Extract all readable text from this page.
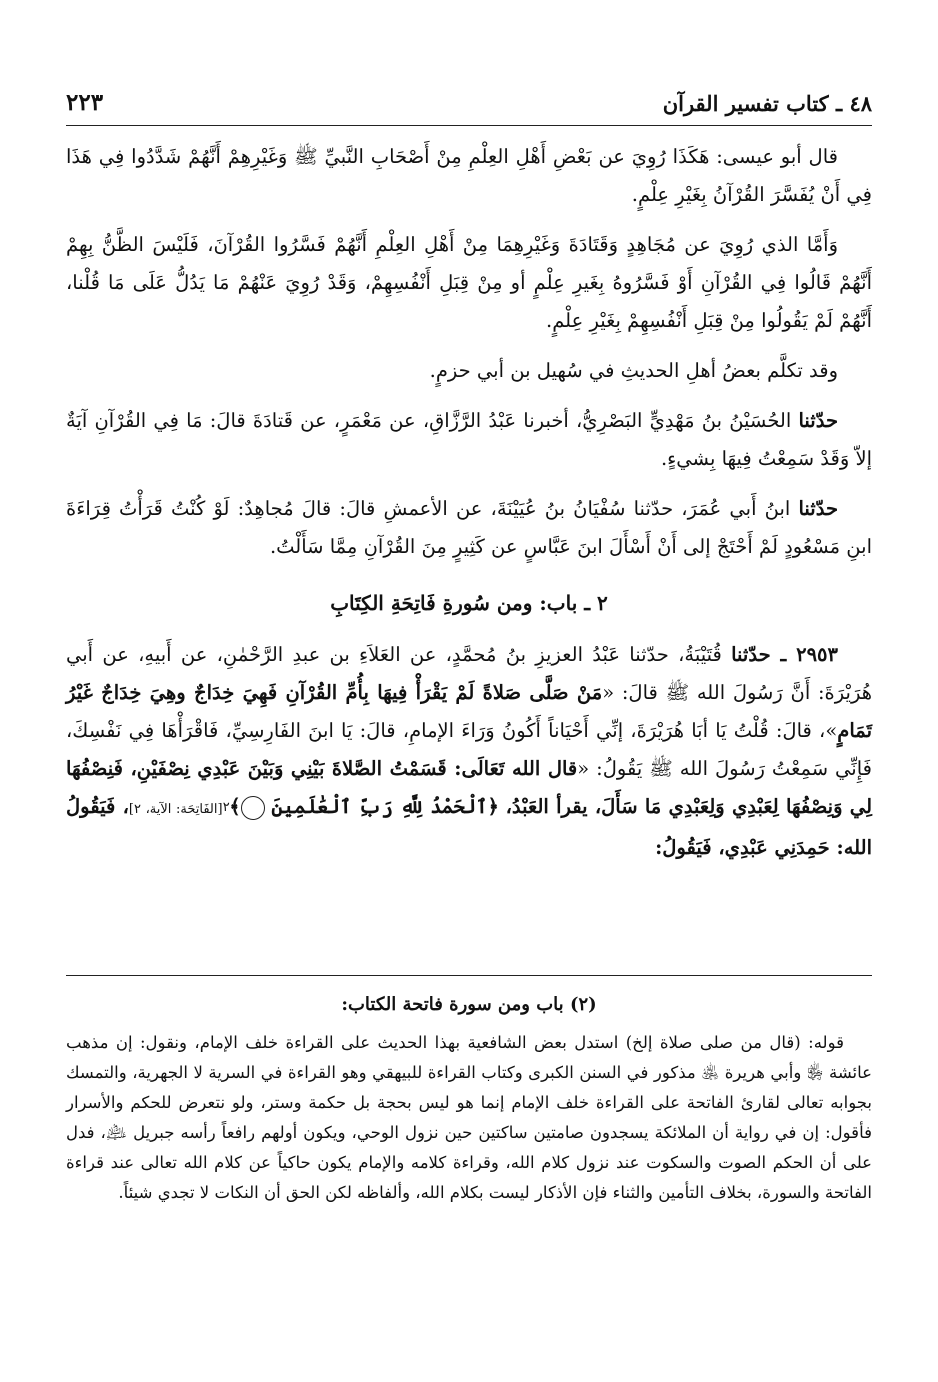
٤٨ ـ كتاب تفسير القرآن
٢٢٣

قال أبو عيسى: هَكَذَا رُوِيَ عن بَعْضِ أَهْلِ العِلْمِ مِنْ أَصْحَابِ النَّبيِّ ﷺ وَغَيْرِهِمْ أَنَّهُمْ شَدَّدُوا فِي هَذَا فِي أَنْ يُفَسَّرَ القُرْآنُ بِغَيْرِ عِلْمٍ.

وَأَمَّا الذي رُوِيَ عن مُجَاهِدٍ وَقَتَادَةَ وَغَيْرِهِمَا مِنْ أَهْلِ العِلْمِ أَنَّهُمْ فَسَّرُوا القُرْآنَ، فَلَيْسَ الظَّنُّ بِهِمْ أَنَّهُمْ قَالُوا فِي القُرْآنِ أَوْ فَسَّرُوهُ بِغَيرِ عِلْمٍ أو مِنْ قِبَلِ أَنْفُسِهِمْ، وَقَدْ رُوِيَ عَنْهُمْ مَا يَدُلُّ عَلَى مَا قُلْنا، أَنَّهُمْ لَمْ يَقُولُوا مِنْ قِبَلِ أَنْفُسِهِمْ بِغَيْرِ عِلْمٍ.

وقد تكلَّم بعضُ أهلِ الحديثِ في سُهيل بن أبي حزمٍ.

حدّثنا الحُسَيْنُ بنُ مَهْدِيٍّ البَصْرِيُّ، أخبرنا عَبْدُ الرَّزَّاقِ، عن مَعْمَرٍ، عن قَتادَةَ قالَ: مَا فِي القُرْآنِ آيَةٌ إلاّ وَقَدْ سَمِعْتُ فِيهَا بِشيءٍ.

حدّثنا ابنُ أَبي عُمَرَ، حدّثنا سُفْيَانُ بنُ عُيَيْنَةَ، عن الأعمشِ قالَ: قالَ مُجاهِدٌ: لَوْ كُنْتُ قَرَأْتُ قِرَاءَةَ ابنِ مَسْعُودٍ لَمْ أَحْتَجْ إلى أَنْ أَسْأَلَ ابنَ عَبَّاسٍ عن كَثِيرٍ مِنَ القُرْآنِ مِمَّا سَأَلْتُ.

٢ ـ باب: ومن سُورةِ فَاتِحَةِ الكِتَابِ

٢٩٥٣ ـ حدّثنا قُتَيْبَةُ، حدّثنا عَبْدُ العزيزِ بنُ مُحمَّدٍ، عن العَلاَءِ بن عبدِ الرَّحْمٰنِ، عن أَبيهِ، عن أَبي هُرَيْرَةَ: أَنَّ رَسُولَ الله ﷺ قالَ: «مَنْ صَلَّى صَلاةً لَمْ يَقْرَأْ فِيهَا بِأُمِّ القُرْآنِ فَهِيَ خِدَاجٌ وهِيَ خِدَاجٌ غَيْرُ تَمَامٍ»، قالَ: قُلْتُ يَا أبَا هُرَيْرَةَ، إنِّي أَحْيَاناً أَكُونُ وَرَاءَ الإمامِ، قالَ: يَا ابنَ الفَارِسِيِّ، فَاقْرَأْهَا فِي نَفْسِكَ، فَإِنِّي سَمِعْتُ رَسُولَ الله ﷺ يَقُولُ: «قال الله تَعَالَى: قَسَمْتُ الصَّلاةَ بَيْنِي وَبَيْنَ عَبْدِي نِصْفَيْنِ، فَنِصْفُهَا لِي وَنِصْفُهَا لِعَبْدِي وَلِعَبْدِي مَا سَأَلَ، يقرأ العَبْدُ، ﴿ٱلْحَمْدُ لِلَّهِ رَبِّ ٱلْعَٰلَمِينَ ٢﴾ [الفَاتِحَة: الآية، ٢]، فَيَقُولُ الله: حَمِدَنِي عَبْدِي، فَيَقُولُ:

(٢) باب ومن سورة فاتحة الكتاب:

قوله: (قال من صلى صلاة إلخ) استدل بعض الشافعية بهذا الحديث على القراءة خلف الإمام، ونقول: إن مذهب عائشة ﵂ وأبي هريرة ﵁ مذكور في السنن الكبرى وكتاب القراءة للبيهقي وهو القراءة في السرية لا الجهرية، والتمسك بجوابه تعالى لقارئ الفاتحة على القراءة خلف الإمام إنما هو ليس بحجة بل حكمة وستر، ولو نتعرض للحكم والأسرار فأقول: إن في رواية أن الملائكة يسجدون صامتين ساكتين حين نزول الوحي، ويكون أولهم رافعاً رأسه جبريل ﵇، فدل على أن الحكم الصوت والسكوت عند نزول كلام الله، وقراءة كلامه والإمام يكون حاكياً عن كلام الله تعالى عند قراءة الفاتحة والسورة، بخلاف التأمين والثناء فإن الأذكار ليست بكلام الله، وألفاظه لكن الحق أن النكات لا تجدي شيئاً.
